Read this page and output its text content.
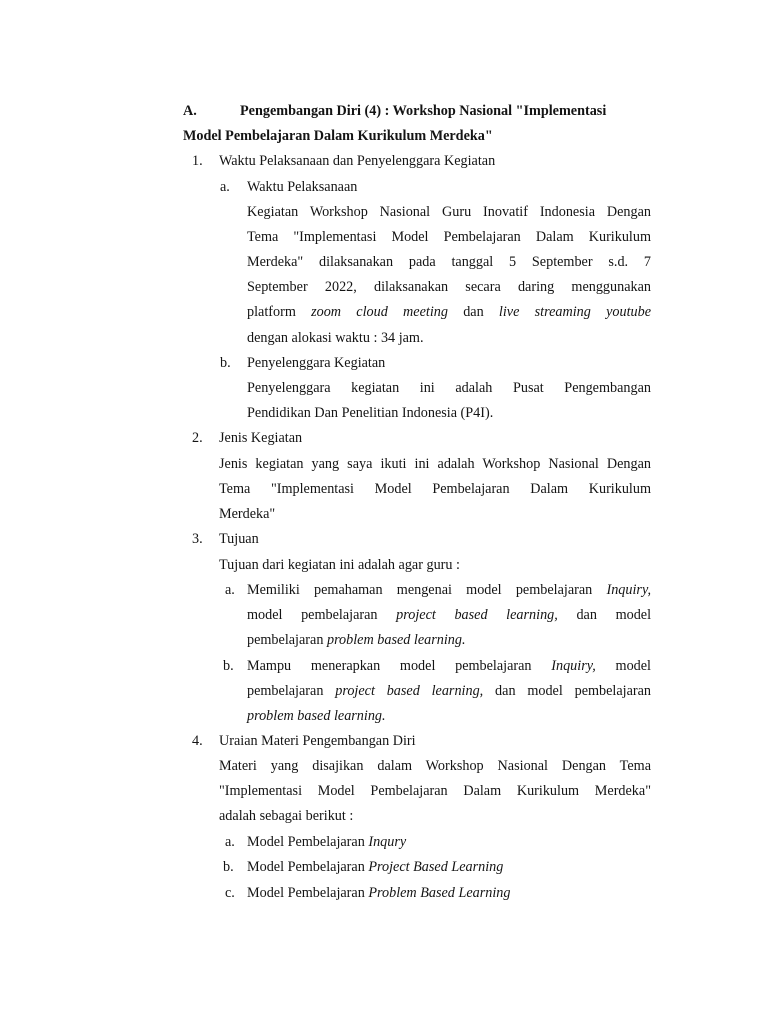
A.	Pengembangan Diri (4) : Workshop Nasional "Implementasi
Model Pembelajaran Dalam Kurikulum Merdeka"
1. Waktu Pelaksanaan dan Penyelenggara Kegiatan
a. Waktu Pelaksanaan
Kegiatan Workshop Nasional Guru Inovatif Indonesia Dengan
Tema "Implementasi Model Pembelajaran Dalam Kurikulum
Merdeka" dilaksanakan pada tanggal 5 September s.d. 7
September 2022, dilaksanakan secara daring menggunakan
platform zoom cloud meeting dan live streaming youtube
dengan alokasi waktu : 34 jam.
b. Penyelenggara Kegiatan
Penyelenggara kegiatan ini adalah Pusat Pengembangan
Pendidikan Dan Penelitian Indonesia (P4I).
2. Jenis Kegiatan
Jenis kegiatan yang saya ikuti ini adalah Workshop Nasional Dengan
Tema "Implementasi Model Pembelajaran Dalam Kurikulum
Merdeka"
3. Tujuan
Tujuan dari kegiatan ini adalah agar guru :
a. Memiliki pemahaman mengenai model pembelajaran Inquiry,
model pembelajaran project based learning, dan model
pembelajaran problem based learning.
b. Mampu menerapkan model pembelajaran Inquiry, model
pembelajaran project based learning, dan model pembelajaran
problem based learning.
4. Uraian Materi Pengembangan Diri
Materi yang disajikan dalam Workshop Nasional Dengan Tema
"Implementasi Model Pembelajaran Dalam Kurikulum Merdeka"
adalah sebagai berikut :
a. Model Pembelajaran Inqury
b. Model Pembelajaran Project Based Learning
c. Model Pembelajaran Problem Based Learning
